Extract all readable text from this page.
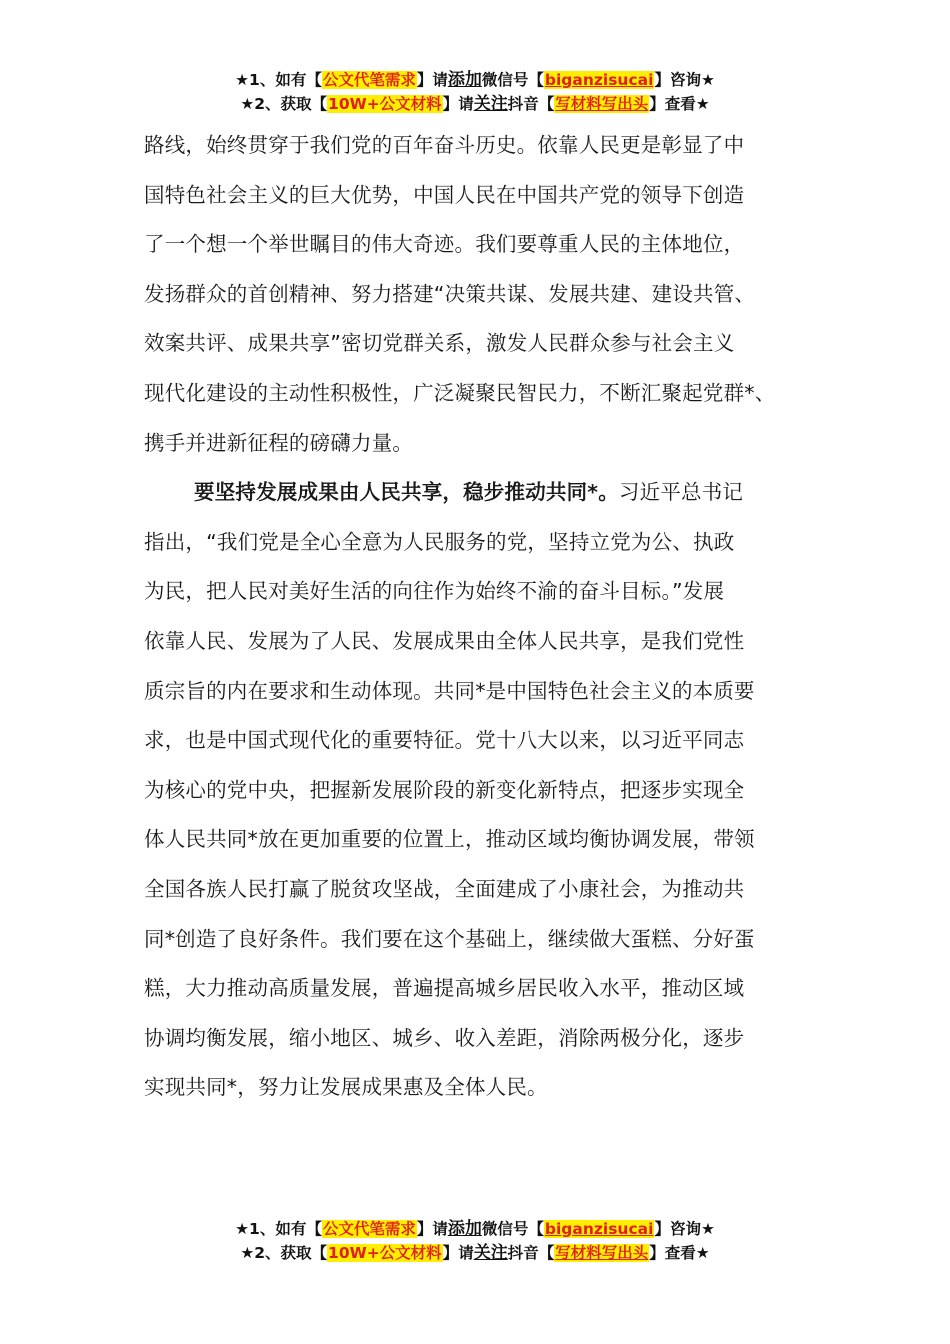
★1、如有【公文代笔需求】请添加微信号【biganzisucai】咨询★
★2、获取【10W+公文材料】请关注抖音【写材料写出头】查看★
路线，始终贯穿于我们党的百年奋斗历史。依靠人民更是彰显了中
国特色社会主义的巨大优势，中国人民在中国共产党的领导下创造
了一个想一个举世瞩目的伟大奇迹。我们要尊重人民的主体地位，
发扬群众的首创精神、努力搭建“决策共谋、发展共建、建设共管、
效案共评、成果共享”密切党群关系，激发人民群众参与社会主义
现代化建设的主动性积极性，广泛凝聚民智民力，不断汇聚起党群*、
携手并进新征程的磅礴力量。
要坚持发展成果由人民共享，稳步推动共同*。习近平总书记
指出，“我们党是全心全意为人民服务的党，坚持立党为公、执政
为民，把人民对美好生活的向往作为始终不渝的奋斗目标。”发展
依靠人民、发展为了人民、发展成果由全体人民共享，是我们党性
质宗旨的内在要求和生动体现。共同*是中国特色社会主义的本质要
求，也是中国式现代化的重要特征。党十八大以来，以习近平同志
为核心的党中央，把握新发展阶段的新变化新特点，把逐步实现全
体人民共同*放在更加重要的位置上，推动区域均衡协调发展，带领
全国各族人民打赢了脱贫攻坚战，全面建成了小康社会，为推动共
同*创造了良好条件。我们要在这个基础上，继续做大蛋糕、分好蛋
糕，大力推动高质量发展，普遍提高城乡居民收入水平，推动区域
协调均衡发展，缩小地区、城乡、收入差距，消除两极分化，逐步
实现共同*，努力让发展成果惠及全体人民。
★1、如有【公文代笔需求】请添加微信号【biganzisucai】咨询★
★2、获取【10W+公文材料】请关注抖音【写材料写出头】查看★
